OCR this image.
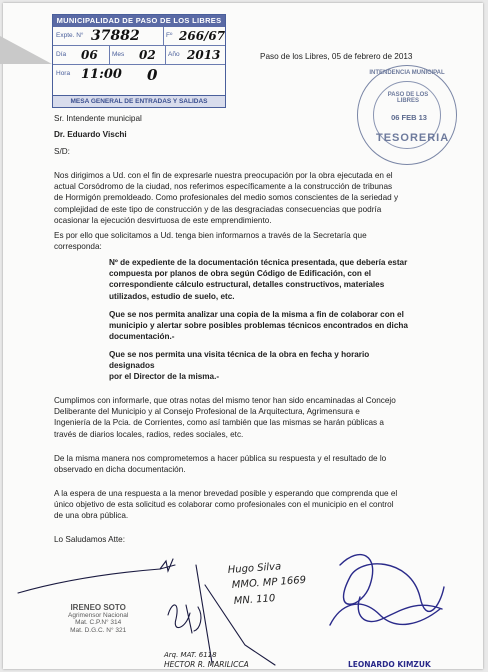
MUNICIPALIDAD DE PASO DE LOS LIBRES
Expte. N° 37882	Fº 266/67
Día 06 Mes 02 Año 2013
Hora 11:00 0
MESA GENERAL DE ENTRADAS Y SALIDAS
Paso de los Libres, 05 de febrero de 2013
INTENDENCIA MUNICIPAL
PASO DE LOS LIBRES
06 FEB 13
TESORERIA
Sr. Intendente municipal
Dr. Eduardo Vischi
S/D:

Nos dirigimos a Ud. con el fin de expresarle nuestra preocupación por la obra ejecutada en el

actual Corsódromo de la ciudad, nos referimos específicamente a la construcción de tribunas

de Hormigón premoldeado. Como profesionales del medio somos conscientes de la seriedad y

complejidad de este tipo de construcción y de las desgraciadas consecuencias que podría

ocasionar la ejecución desvirtuosa de este emprendimiento.

Es por ello que solicitamos a Ud. tenga bien informarnos a través de la Secretaría que

corresponda:

Nº de expediente de la documentación técnica presentada, que debería estar

compuesta por planos de obra según Código de Edificación, con el

correspondiente cálculo estructural, detalles constructivos, materiales

utilizados, estudio de suelo, etc.

Que se nos permita analizar una copia de la misma a fin de colaborar con el

municipio y alertar sobre posibles problemas técnicos encontrados en dicha

documentación.-

Que se nos permita una visita técnica de la obra en fecha y horario designados

por el Director de la misma.-

Cumplimos con informarle, que otras notas del mismo tenor han sido encaminadas al Concejo

Deliberante del Municipio y al Consejo Profesional de la Arquitectura, Agrimensura e

Ingeniería de la Pcia. de Corrientes, como así también que las mismas se harán públicas a

través de diarios locales, radios, redes sociales, etc.

De la misma manera nos comprometemos a hacer pública su respuesta y el resultado de lo

observado en dicha documentación.

A la espera de una respuesta a la menor brevedad posible y esperando que comprenda que el

único objetivo de esta solicitud es colaborar como profesionales con el municipio en el control

de una obra pública.

Lo Saludamos Atte:
Hugo Silva
MMO. MP 1669
MN. 110
Arq. MAT. 6118
HECTOR R. MARILICCA	LEONARDO KIMZUK
IRENEO SOTO
Agrimensor Nacional
Mat. C.P.N° 314
Mat. D.G.C. N° 321
